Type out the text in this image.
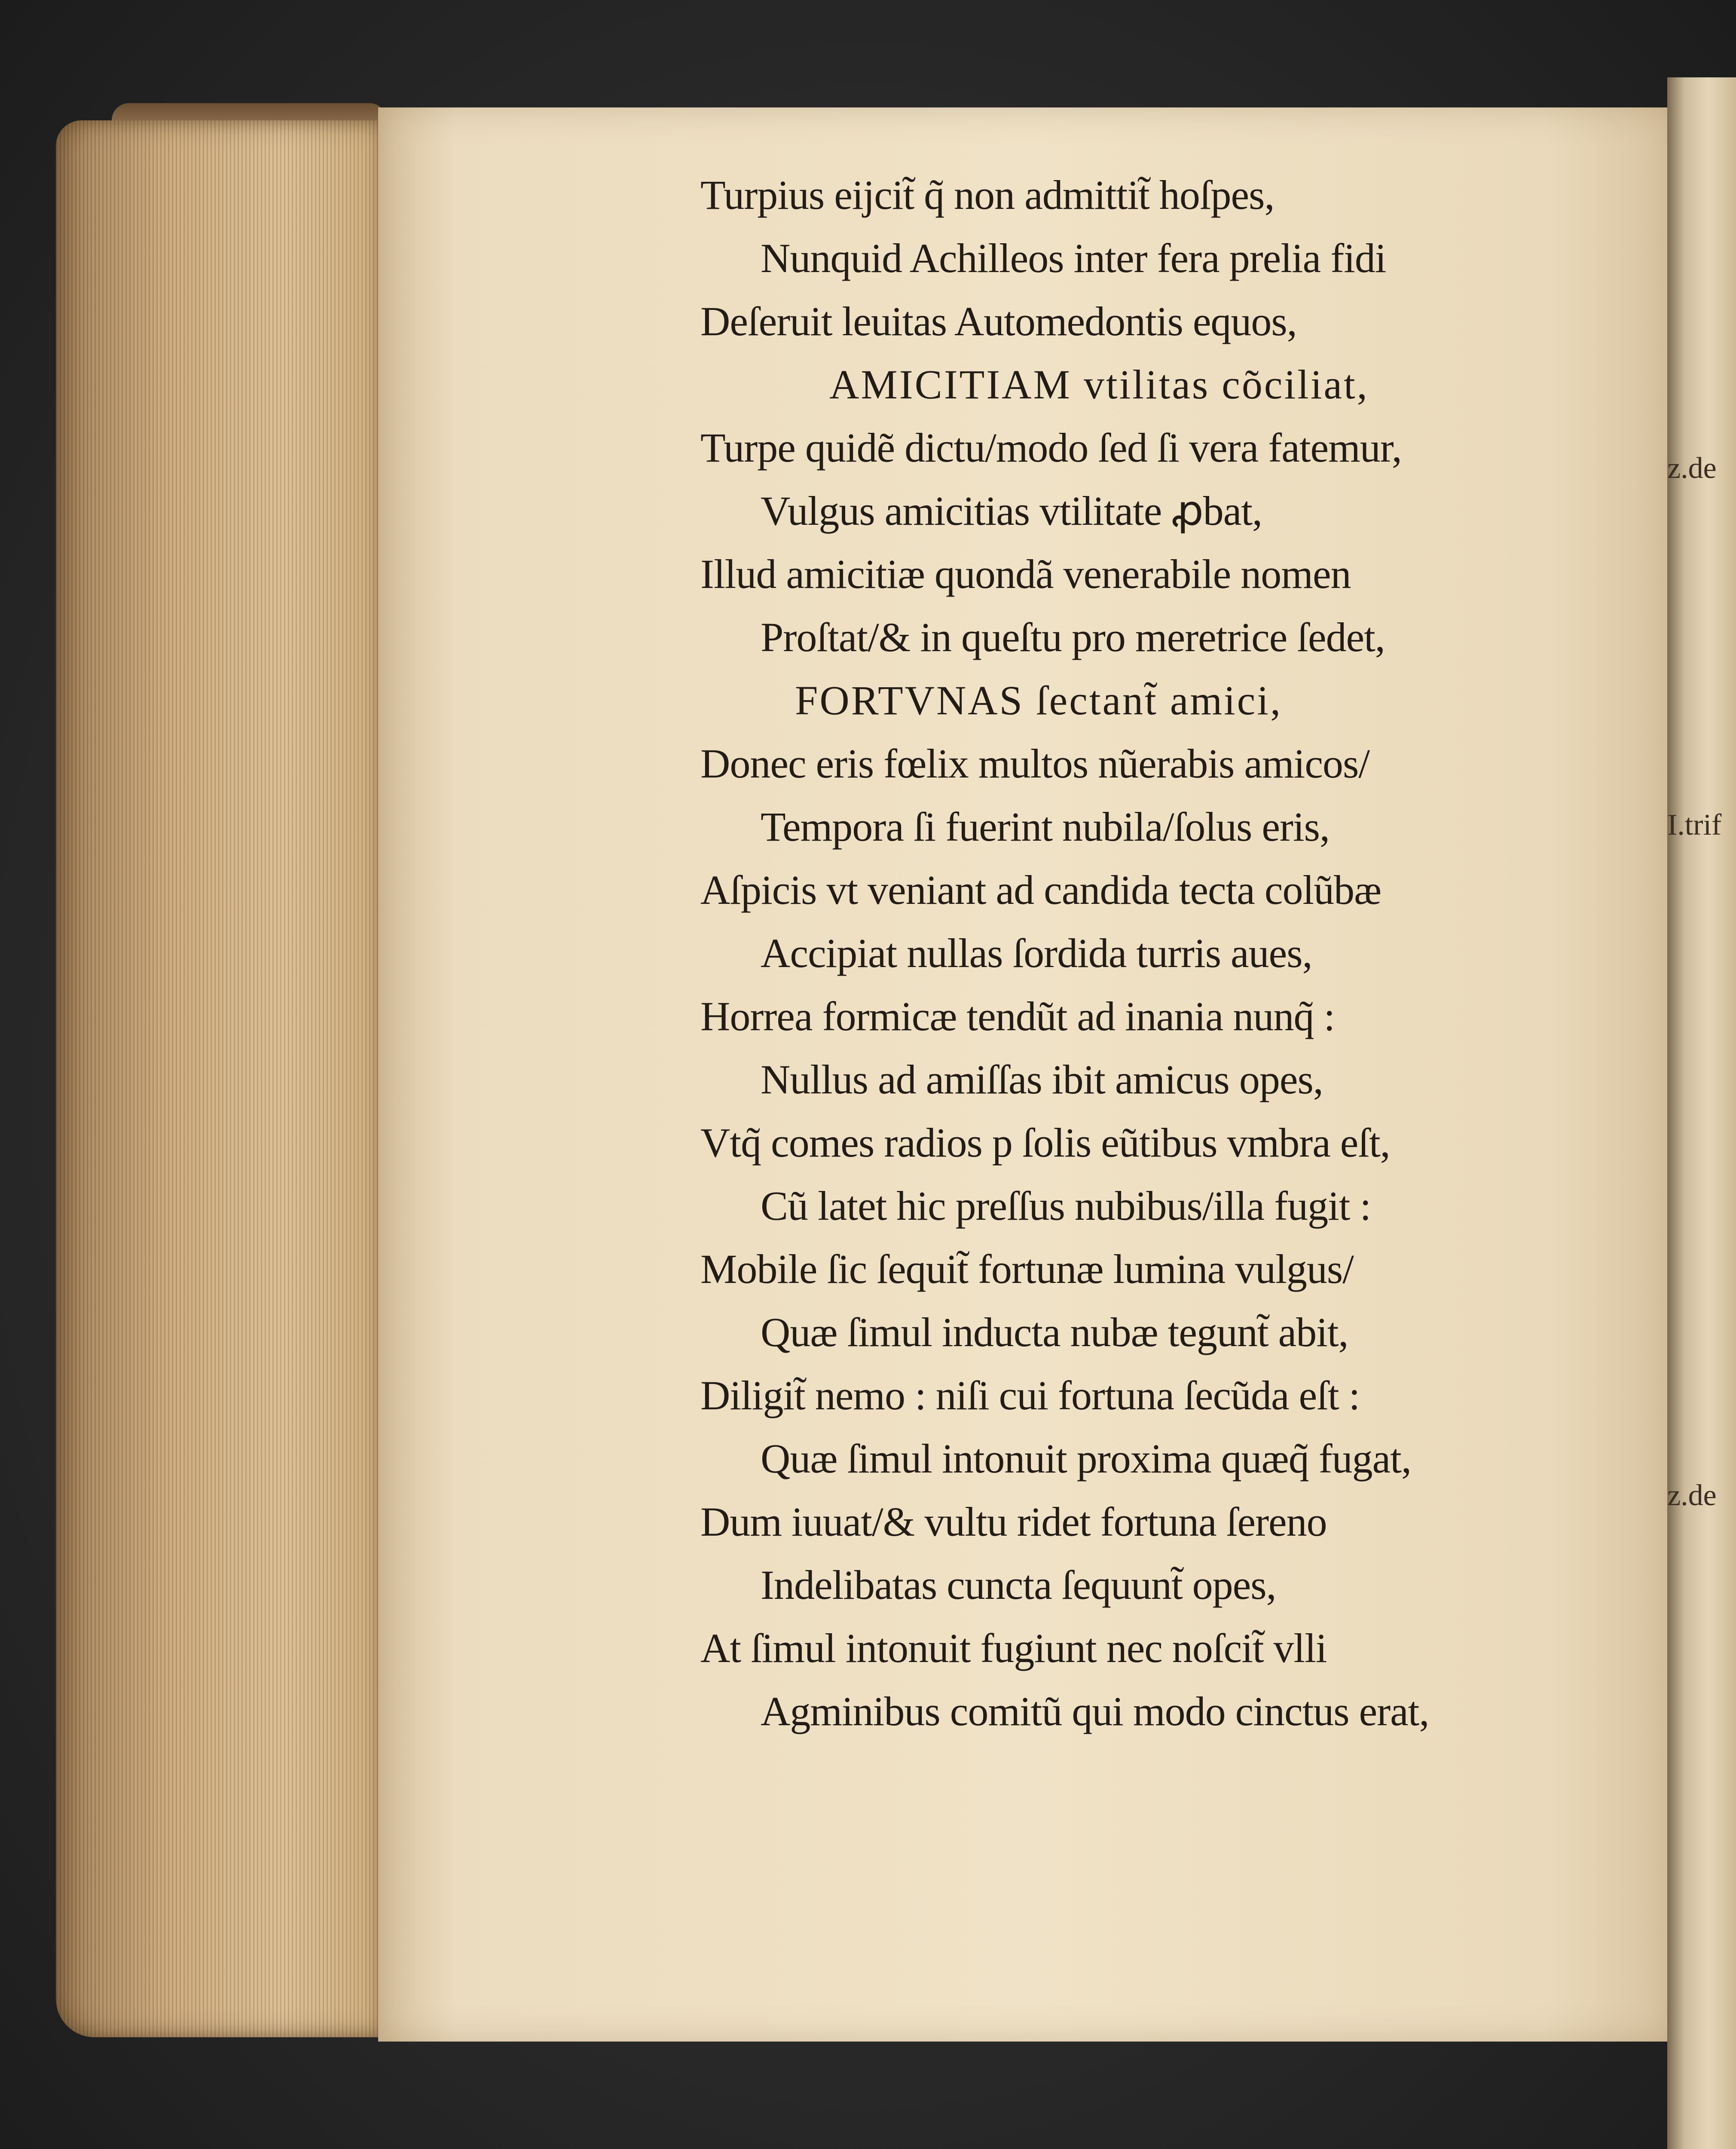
z.de
I.trif
z.de
Turpius eijcit̃ q̃ non admittit̃ hoſpes,
Nunquid Achilleos inter fera prelia fidi
Deſeruit leuitas Automedontis equos,
AMICITIAM vtilitas cõciliat,
Turpe quidẽ dictu/modo ſed ſi vera fatemur,
Vulgus amicitias vtilitate ꝓbat,
Illud amicitiæ quondã venerabile nomen
Proſtat/& in queſtu pro meretrice ſedet,
FORTVNAS ſectant̃ amici,
Donec eris fœlix multos nũerabis amicos/
Tempora ſi fuerint nubila/ſolus eris,
Aſpicis vt veniant ad candida tecta colũbæ
Accipiat nullas ſordida turris aues,
Horrea formicæ tendũt ad inania nunq̃ :
Nullus ad amiſſas ibit amicus opes,
Vtq̃ comes radios p ſolis eũtibus vmbra eſt,
Cũ latet hic preſſus nubibus/illa fugit :
Mobile ſic ſequit̃ fortunæ lumina vulgus/
Quæ ſimul inducta nubæ tegunt̃ abit,
Diligit̃ nemo : niſi cui fortuna ſecũda eſt :
Quæ ſimul intonuit proxima quæq̃ fugat,
Dum iuuat/& vultu ridet fortuna ſereno
Indelibatas cuncta ſequunt̃ opes,
At ſimul intonuit fugiunt nec noſcit̃ vlli
Agminibus comitũ qui modo cinctus erat,
